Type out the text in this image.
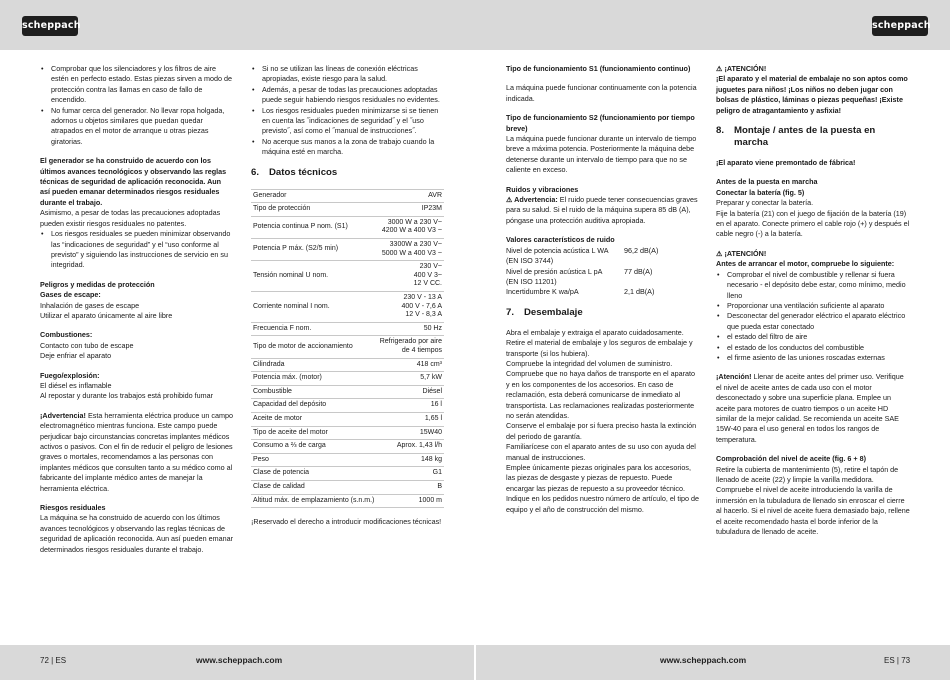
scheppach	scheppach
• Comprobar que los silenciadores y los filtros de aire estén en perfecto estado. Estas piezas sirven a modo de protección contra las llamas en caso de fallo de encendido.
• No fumar cerca del generador. No llevar ropa holgada, adornos u objetos similares que puedan quedar atrapados en el motor de arranque u otras piezas giratorias.

El generador se ha construido de acuerdo con los últimos avances tecnológicos y observando las reglas técnicas de seguridad de aplicación reconocida. Aun así pueden emanar determinados riesgos residuales durante el trabajo.

Asimismo, a pesar de todas las precauciones adoptadas pueden existir riesgos residuales no patentes.

• Los riesgos residuales se pueden minimizar observando las “indicaciones de seguridad” y el “uso conforme al previsto” y siguiendo las instrucciones de servicio en su integridad.

Peligros y medidas de protección

Gases de escape:

Inhalación de gases de escape

Utilizar el aparato únicamente al aire libre

Combustiones:

Contacto con tubo de escape

Deje enfriar el aparato

Fuego/explosión:

El diésel es inflamable

Al repostar y durante los trabajos está prohibido fumar

¡Advertencia! Esta herramienta eléctrica produce un campo electromagnético mientras funciona. Este campo puede perjudicar bajo circunstancias concretas implantes médicos activos o pasivos. Con el fin de reducir el peligro de lesiones graves o mortales, recomendamos a las personas con implantes médicos que consulten tanto a su médico como al fabricante del implante médico antes de manejar la herramienta eléctrica.

Riesgos residuales

La máquina se ha construido de acuerdo con los últimos avances tecnológicos y observando las reglas técnicas de seguridad de aplicación reconocida. Aun así pueden emanar determinados riesgos residuales durante el trabajo.

• Si no se utilizan las líneas de conexión eléctricas apropiadas, existe riesgo para la salud.
• Además, a pesar de todas las precauciones adoptadas puede seguir habiendo riesgos residuales no evidentes.
• Los riesgos residuales pueden minimizarse si se tienen en cuenta las ˝indicaciones de seguridad˝ y el ˝uso previsto˝, así como el ˝manual de instrucciones˝.
• No acerque sus manos a la zona de trabajo cuando la máquina esté en marcha.
6.	Datos técnicos
Generador	AVR
Tipo de protección	IP23M
Potencia continua P nom. (S1)	3000 W a 230 V~
4200 W a 400 V3 ~
Potencia P máx. (S2/5 min)	3300W a 230 V~
5000 W a 400 V3 ~
Tensión nominal U nom.	230 V~
400 V 3~
12 V CC.
Corriente nominal I nom.	230 V - 13 A
400 V - 7,6 A
12 V - 8,3 A
Frecuencia F nom.	50 Hz
Tipo de motor de accionamiento	Refrigerado por aire
de 4 tiempos
Cilindrada	418 cm³
Potencia máx. (motor)	5,7 kW
Combustible	Diésel
Capacidad del depósito	16 l
Aceite de motor	1,65 l
Tipo de aceite del motor	15W40
Consumo a ⅔ de carga	Aprox. 1,43 l/h
Peso	148 kg
Clase de potencia	G1
Clase de calidad	B
Altitud máx. de emplazamiento (s.n.m.)	1000 m

¡Reservado el derecho a introducir modificaciones técnicas!

Tipo de funcionamiento S1 (funcionamiento continuo)

La máquina puede funcionar continuamente con la potencia indicada.

Tipo de funcionamiento S2 (funcionamiento por tiempo breve)

La máquina puede funcionar durante un intervalo de tiempo breve a máxima potencia. Posteriormente la máquina debe detenerse durante un intervalo de tiempo para que no se caliente en exceso.

Ruidos y vibraciones

⚠ Advertencia: El ruido puede tener consecuencias graves para su salud. Si el ruido de la máquina supera 85 dB (A), póngase una protección auditiva apropiada.

Valores característicos de ruido

Nivel de potencia acústica L WA
(EN ISO 3744)
96,2 dB(A)
Nivel de presión acústica L pA
(EN ISO 11201)
77 dB(A)
Incertidumbre K wa/pA	2,1 dB(A)
7.	Desembalaje

Abra el embalaje y extraiga el aparato cuidadosamente. Retire el material de embalaje y los seguros de embalaje y transporte (si los hubiera).
Compruebe la integridad del volumen de suministro.
Compruebe que no haya daños de transporte en el aparato y en los componentes de los accesorios. En caso de reclamación, esta deberá comunicarse de inmediato al transportista. Las reclamaciones realizadas posteriormente no serán atendidas.
Conserve el embalaje por si fuera preciso hasta la extinción del periodo de garantía.
Familiarícese con el aparato antes de su uso con ayuda del manual de instrucciones.
Emplee únicamente piezas originales para los accesorios, las piezas de desgaste y piezas de repuesto. Puede encargar las piezas de repuesto a su proveedor técnico.
Indique en los pedidos nuestro número de artículo, el tipo de equipo y el año de construcción del mismo.

⚠ ¡ATENCIÓN!

¡El aparato y el material de embalaje no son aptos como juguetes para niños! ¡Los niños no deben jugar con bolsas de plástico, láminas o piezas pequeñas! ¡Existe peligro de atragantamiento y asfixia!

8.	Montaje / antes de la puesta en marcha

¡El aparato viene premontado de fábrica!

Antes de la puesta en marcha

Conectar la batería (fig. 5)

Preparar y conectar la batería.
Fije la batería (21) con el juego de fijación de la batería (19) en el aparato. Conecte primero el cable rojo (+) y después el cable negro (-) a la batería.

⚠ ¡ATENCIÓN!

Antes de arrancar el motor, compruebe lo siguiente:

• Comprobar el nivel de combustible y rellenar si fuera necesario - el depósito debe estar, como mínimo, medio lleno
• Proporcionar una ventilación suficiente al aparato
• Desconectar del generador eléctrico el aparato eléctrico que pueda estar conectado
• el estado del filtro de aire
• el estado de los conductos del combustible
• el firme asiento de las uniones roscadas externas

¡Atención! Llenar de aceite antes del primer uso. Verifique el nivel de aceite antes de cada uso con el motor desconectado y sobre una superficie plana. Emplee un aceite para motores de cuatro tiempos o un aceite HD similar de la mejor calidad. Se recomienda un aceite SAE 15W-40 para el uso general en todos los rangos de temperatura.

Comprobación del nivel de aceite (fig. 6 + 8)

Retire la cubierta de mantenimiento (5), retire el tapón de llenado de aceite (22) y limpie la varilla medidora. Compruebe el nivel de aceite introduciendo la varilla de inmersión en la tubuladura de llenado sin enroscar el cierre al hacerlo. Si el nivel de aceite fuera demasiado bajo, rellene el aceite recomendado hasta el borde inferior de la tubuladura de llenado de aceite.

72 | ES	www.scheppach.com	www.scheppach.com	ES | 73
